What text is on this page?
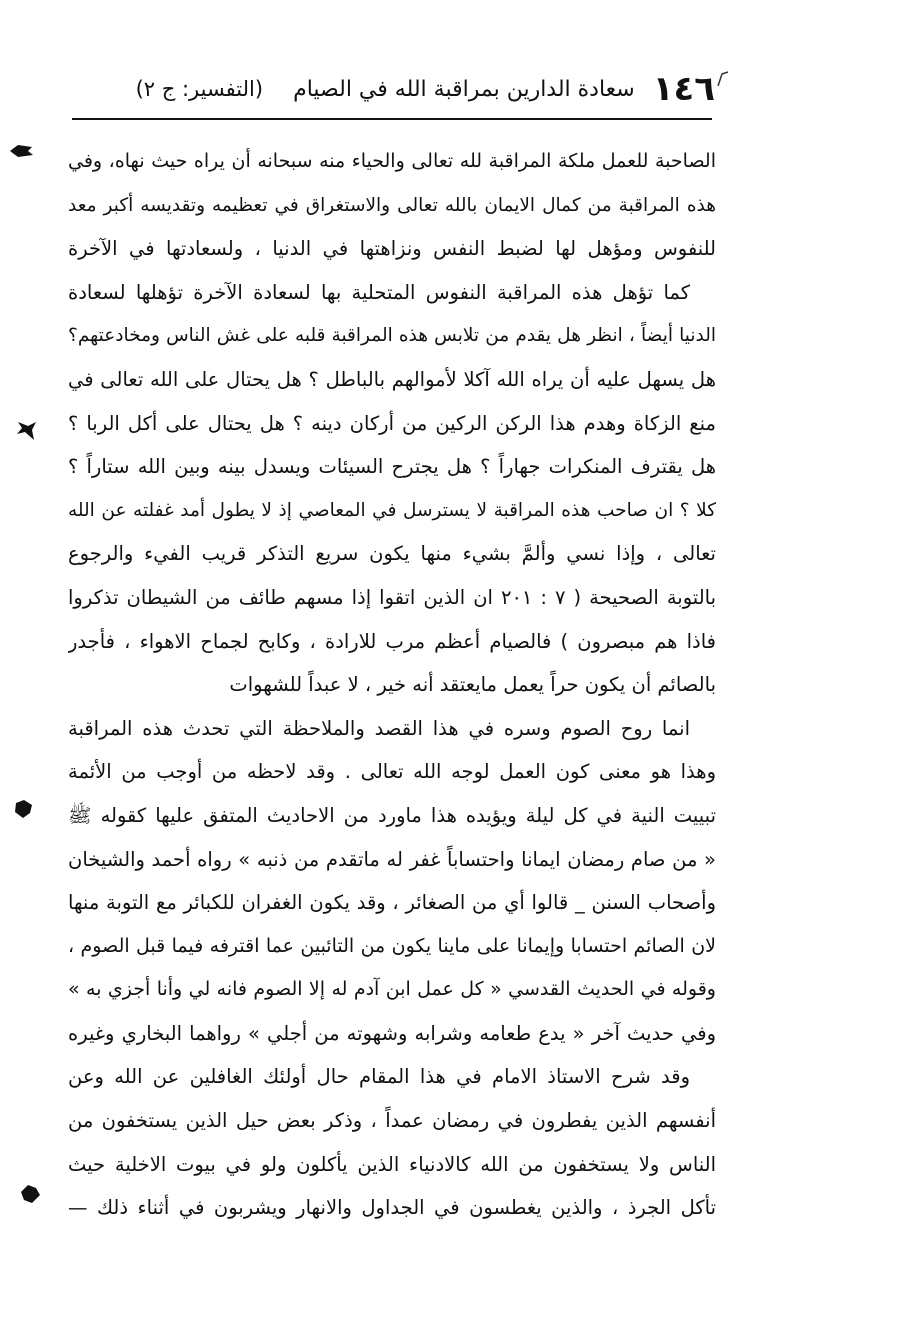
١٤٦
سعادة الدارين بمراقبة الله في الصيام
(التفسير: ج ٢)
الصاحبة للعمل ملكة المراقبة لله تعالى والحياء منه سبحانه أن يراه حيث نهاه، وفي
هذه المراقبة من كمال الايمان بالله تعالى والاستغراق في تعظيمه وتقديسه أكبر معد
للنفوس ومؤهل لها لضبط النفس ونزاهتها في الدنيا ، ولسعادتها في الآخرة
كما تؤهل هذه المراقبة النفوس المتحلية بها لسعادة الآخرة تؤهلها لسعادة
الدنيا أيضاً ، انظر هل يقدم من تلابس هذه المراقبة قلبه على غش الناس ومخادعتهم؟
هل يسهل عليه أن يراه الله آكلا لأموالهم بالباطل ؟ هل يحتال على الله تعالى في
منع الزكاة وهدم هذا الركن الركين من أركان دينه ؟ هل يحتال على أكل الربا ؟
هل يقترف المنكرات جهاراً ؟ هل يجترح السيئات ويسدل بينه وبين الله ستاراً ؟
كلا ؟ ان صاحب هذه المراقبة لا يسترسل في المعاصي إذ لا يطول أمد غفلته عن الله
تعالى ، وإذا نسي وألمَّ بشيء منها يكون سريع التذكر قريب الفيء والرجوع
بالتوبة الصحيحة ( ٧ : ٢٠١ ان الذين اتقوا إذا مسهم طائف من الشيطان تذكروا
فاذا هم مبصرون ) فالصيام أعظم مرب للارادة ، وكابح لجماح الاهواء ، فأجدر
بالصائم أن يكون حراً يعمل مايعتقد أنه خير ، لا عبداً للشهوات
انما روح الصوم وسره في هذا القصد والملاحظة التي تحدث هذه المراقبة
وهذا هو معنى كون العمل لوجه الله تعالى . وقد لاحظه من أوجب من الأئمة
تبييت النية في كل ليلة ويؤيده هذا ماورد من الاحاديث المتفق عليها كقوله ﷺ
« من صام رمضان ايمانا واحتساباً غفر له ماتقدم من ذنبه » رواه أحمد والشيخان
وأصحاب السنن _ قالوا أي من الصغائر ، وقد يكون الغفران للكبائر مع التوبة منها
لان الصائم احتسابا وإيمانا على ماينا يكون من التائبين عما اقترفه فيما قبل الصوم ،
وقوله في الحديث القدسي « كل عمل ابن آدم له إلا الصوم فانه لي وأنا أجزي به »
وفي حديث آخر « يدع طعامه وشرابه وشهوته من أجلي » رواهما البخاري وغيره
وقد شرح الاستاذ الامام في هذا المقام حال أولئك الغافلين عن الله وعن
أنفسهم الذين يفطرون في رمضان عمداً ، وذكر بعض حيل الذين يستخفون من
الناس ولا يستخفون من الله كالادنياء الذين يأكلون ولو في بيوت الاخلية حيث
تأكل الجرذ ، والذين يغطسون في الجداول والانهار ويشربون في أثناء ذلك —
